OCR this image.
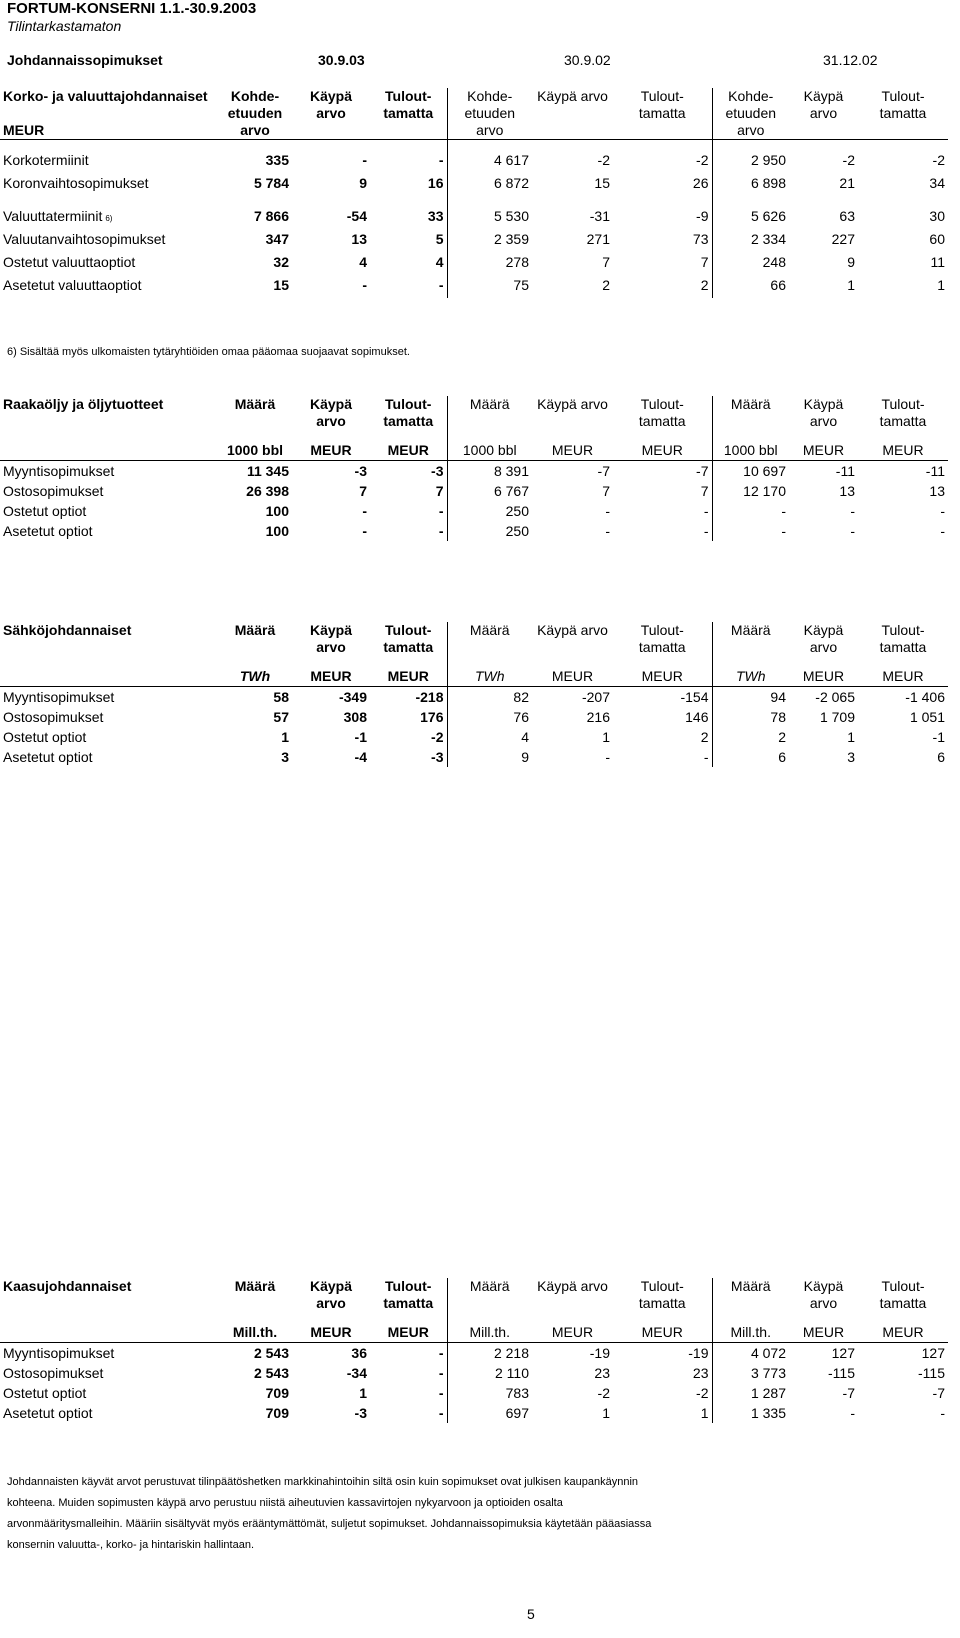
FORTUM-KONSERNI 1.1.-30.9.2003
Tilintarkastamaton
Johdannaissopimukset	30.9.03	30.9.02	31.12.02
Korko- ja valuuttajohdannaiset	Kohde-	Käypä	Tulout-	Kohde-	Käypä arvo	Tulout-	Kohde-	Käypä	Tulout-
	etuuden	arvo	tamatta	etuuden		tamatta	etuuden	arvo	tamatta
MEUR	arvo			arvo			arvo		

Korkotermiinit	335	-	-	4 617	-2	-2	2 950	-2	-2
Koronvaihtosopimukset	5 784	9	16	6 872	15	26	6 898	21	34

Valuuttatermiinit 6)	7 866	-54	33	5 530	-31	-9	5 626	63	30
Valuutanvaihtosopimukset	347	13	5	2 359	271	73	2 334	227	60
Ostetut valuuttaoptiot	32	4	4	278	7	7	248	9	11
Asetetut valuuttaoptiot	15	-	-	75	2	2	66	1	1
6) Sisältää myös ulkomaisten tytäryhtiöiden omaa pääomaa suojaavat sopimukset.
Raakaöljy ja öljytuotteet	Määrä	Käypä	Tulout-	Määrä	Käypä arvo	Tulout-	Määrä	Käypä	Tulout-
		arvo	tamatta			tamatta		arvo	tamatta

	1000 bbl	MEUR	MEUR	1000 bbl	MEUR	MEUR	1000 bbl	MEUR	MEUR
Myyntisopimukset	11 345	-3	-3	8 391	-7	-7	10 697	-11	-11
Ostosopimukset	26 398	7	7	6 767	7	7	12 170	13	13
Ostetut optiot	100	-	-	250	-	-	-	-	-
Asetetut optiot	100	-	-	250	-	-	-	-	-
Sähköjohdannaiset	Määrä	Käypä	Tulout-	Määrä	Käypä arvo	Tulout-	Määrä	Käypä	Tulout-
		arvo	tamatta			tamatta		arvo	tamatta

	TWh	MEUR	MEUR	TWh	MEUR	MEUR	TWh	MEUR	MEUR
Myyntisopimukset	58	-349	-218	82	-207	-154	94	-2 065	-1 406
Ostosopimukset	57	308	176	76	216	146	78	1 709	1 051
Ostetut optiot	1	-1	-2	4	1	2	2	1	-1
Asetetut optiot	3	-4	-3	9	-	-	6	3	6
Kaasujohdannaiset	Määrä	Käypä	Tulout-	Määrä	Käypä arvo	Tulout-	Määrä	Käypä	Tulout-
		arvo	tamatta			tamatta		arvo	tamatta

	Mill.th.	MEUR	MEUR	Mill.th.	MEUR	MEUR	Mill.th.	MEUR	MEUR
Myyntisopimukset	2 543	36	-	2 218	-19	-19	4 072	127	127
Ostosopimukset	2 543	-34	-	2 110	23	23	3 773	-115	-115
Ostetut optiot	709	1	-	783	-2	-2	1 287	-7	-7
Asetetut optiot	709	-3	-	697	1	1	1 335	-	-
Johdannaisten käyvät arvot perustuvat tilinpäätöshetken markkinahintoihin siltä osin kuin sopimukset ovat julkisen kaupankäynnin
kohteena. Muiden sopimusten käypä arvo perustuu niistä aiheutuvien kassavirtojen nykyarvoon ja optioiden osalta
arvonmääritysmalleihin. Määriin sisältyvät myös erääntymättömät, suljetut sopimukset. Johdannaissopimuksia käytetään pääasiassa
konsernin valuutta-, korko- ja hintariskin hallintaan.
5
